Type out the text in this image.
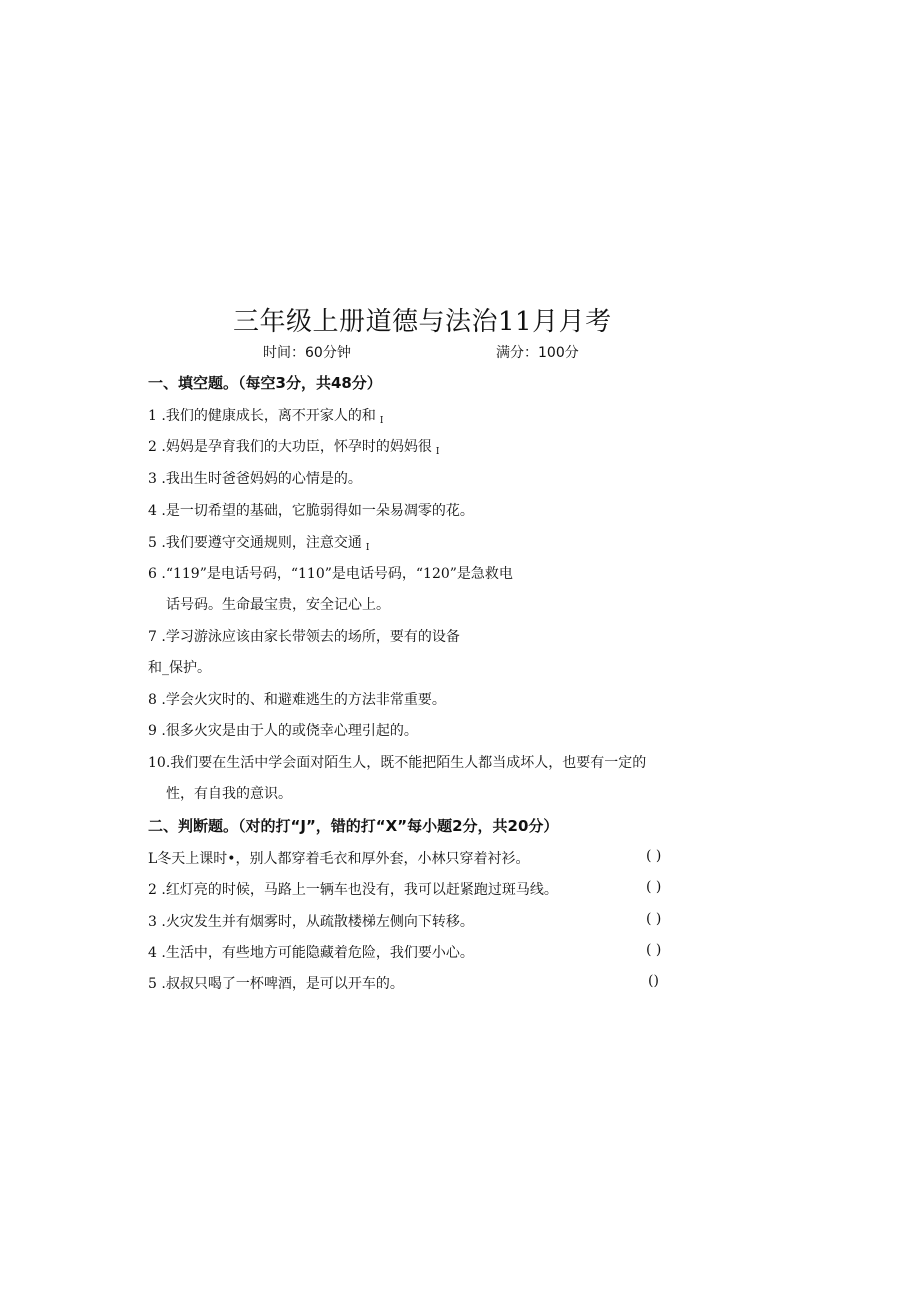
三年级上册道德与法治11月月考
时间：60分钟	满分：100分
一、填空题。（每空3分，共48分）
1 .我们的健康成长，离不开家人的和 $_I$
2 .妈妈是孕育我们的大功臣，怀孕时的妈妈很 $_I$
3 .我出生时爸爸妈妈的心情是的。
4 .是一切希望的基础，它脆弱得如一朵易凋零的花。
5 .我们要遵守交通规则，注意交通 $_I$
6 .“119”是电话号码，“110”是电话号码，“120”是急救电
话号码。生命最宝贵，安全记心上。
7 .学习游泳应该由家长带领去的场所，要有的设备
和_保护。
8 .学会火灾时的、和避难逃生的方法非常重要。
9 .很多火灾是由于人的或侥幸心理引起的。
10.我们要在生活中学会面对陌生人，既不能把陌生人都当成坏人，也要有一定的
性，有自我的意识。
二、判断题。（对的打“J”，错的打“X”每小题2分，共20分）
L冬天上课时•，别人都穿着毛衣和厚外套，小林只穿着衬衫。	( )
2 .红灯亮的时候，马路上一辆车也没有，我可以赶紧跑过斑马线。	( )
3 .火灾发生并有烟雾时，从疏散楼梯左侧向下转移。	( )
4 .生活中，有些地方可能隐藏着危险，我们要小心。	( )
5 .叔叔只喝了一杯啤酒，是可以开车的。	()
